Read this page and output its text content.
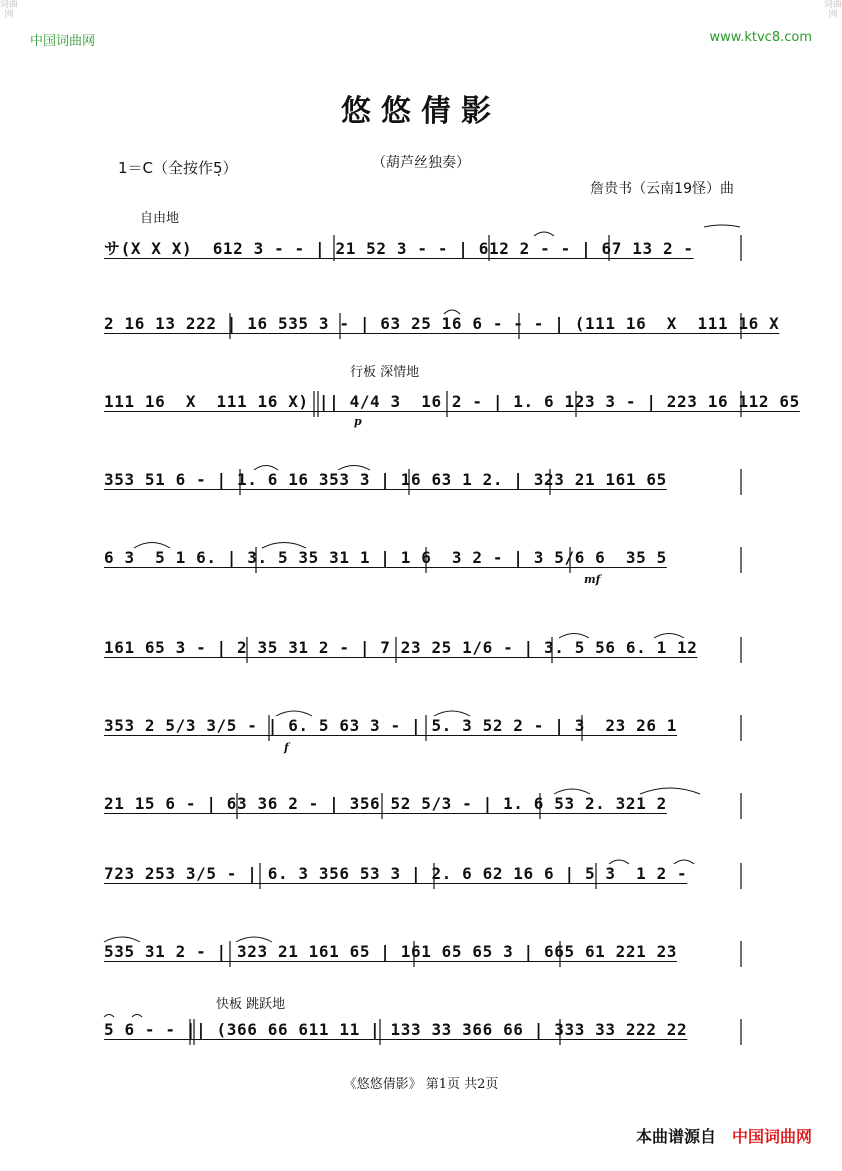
词曲网
词曲网
中国词曲网	www.ktvc8.com
悠悠倩影
1＝C（全按作5̣）	（葫芦丝独奏）
詹贵书（云南19怪）曲
自由地
行板 深情地
快板 跳跃地
サ(X X X)  612 3 - - | 21 52 3 - - | 612 2 - - | 67 13 2 -
2 16 13 222 | 16 535 3 - | 63 25 16 6 - - - | (111 16  X  111 16 X
111 16  X  111 16 X) || 4/4 3  16 2 - | 1. 6 123 3 - | 223 16 112 65
p
353 51 6 - | 1. 6 16 353 3 | 16 63 1 2. | 323 21 161 65
6 3  5 1 6. | 3. 5 35 31 1 | 1 6  3 2 - | 3 5/6 6  35 5
mf
161 65 3 - | 2 35 31 2 - | 7 23 25 1/6 - | 3. 5 56 6. 1 12
353 2 5/3 3/5 - | 6. 5 63 3 - | 5. 3 52 2 - | 3  23 26 1
f
21 15 6 - | 63 36 2 - | 356 52 5/3 - | 1. 6 53 2. 321 2
723 253 3/5 - | 6. 3 356 53 3 | 2. 6 62 16 6 | 5 3  1 2 -
535 31 2 - | 323 21 161 65 | 161 65 65 3 | 665 61 221 23
5 6 - - || (366 66 611 11 | 133 33 366 66 | 333 33 222 22
《悠悠倩影》 第1页 共2页
本曲谱源自 中国词曲网
